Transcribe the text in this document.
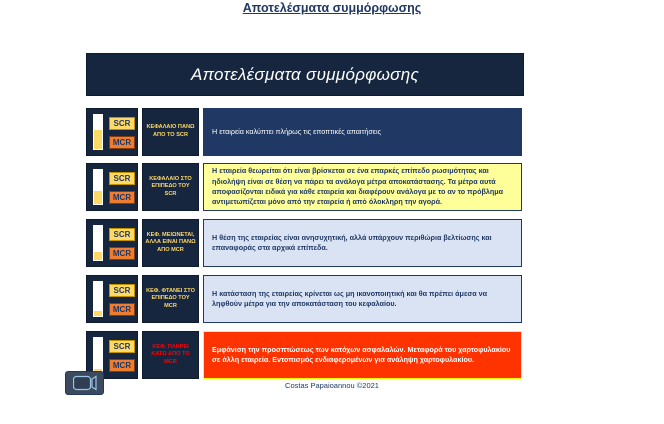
Αποτελέσματα συμμόρφωσης
Αποτελέσματα συμμόρφωσης
SCR
MCR
ΚΕΦΑΛΑΙΟ ΠΑΝΩ ΑΠΟ ΤΟ SCR	Η εταιρεία καλύπτει πλήρως τις εποπτικές απαιτήσεις

SCR
MCR
ΚΕΦΑΛΑΙΟ ΣΤΟ ΕΠΙΠΕΔΟ ΤΟΥ SCR

Η εταιρεία θεωρείται ότι είναι βρίσκεται σε ένα επαρκές επίπεδο ρωσιμότητας και ηδιολήψη είναι σε θέση να πάρει τα ανάλογα μέτρα αποκατάστασης. Τα μέτρα αυτά αποφασίζονται ειδικά για κάθε εταιρεία και διαφέρουν ανάλογα με το αν το πρόβλημα αντιμετωπίζεται μόνο από την εταιρεία ή από όλοκληρη την αγορά.

SCR
MCR
ΚΕΦ. ΜΕΙΩΝΕΤΑΙ, ΑΛΛΑ ΕΙΝΑΙ ΠΑΝΩ ΑΠΟ MCR

Η θέση της εταιρείας είναι ανησυχητική, αλλά υπάρχουν περιθώρια βελτίωσης και επαναφοράς στα αρχικά επίπεδα.

SCR
MCR
ΚΕΦ. ΦΤΑΝΕΙ ΣΤΟ ΕΠΙΠΕΔΟ ΤΟΥ MCR

Η κατάσταση της εταιρείας κρίνεται ως μη ικανοποιητική και θα πρέπει άμεσα να ληφθούν μέτρα για την αποκατάσταση του κεφαλαίου.

SCR
MCR
ΚΕΦ. ΠΛΗΡΕΙ ΚΑΤΩ ΑΠΟ ΤΟ MCR

Εμφάνιση την προσπτώσεως των κατόχων ασφαλαλών. Μεταφορά του χαρτοφυλακίου σε άλλη εταιρεία. Εντοπισμός ενδιαφερομένων για ανάληψη χαρτοφυλακίου.

Costas Papaioannou ©2021
